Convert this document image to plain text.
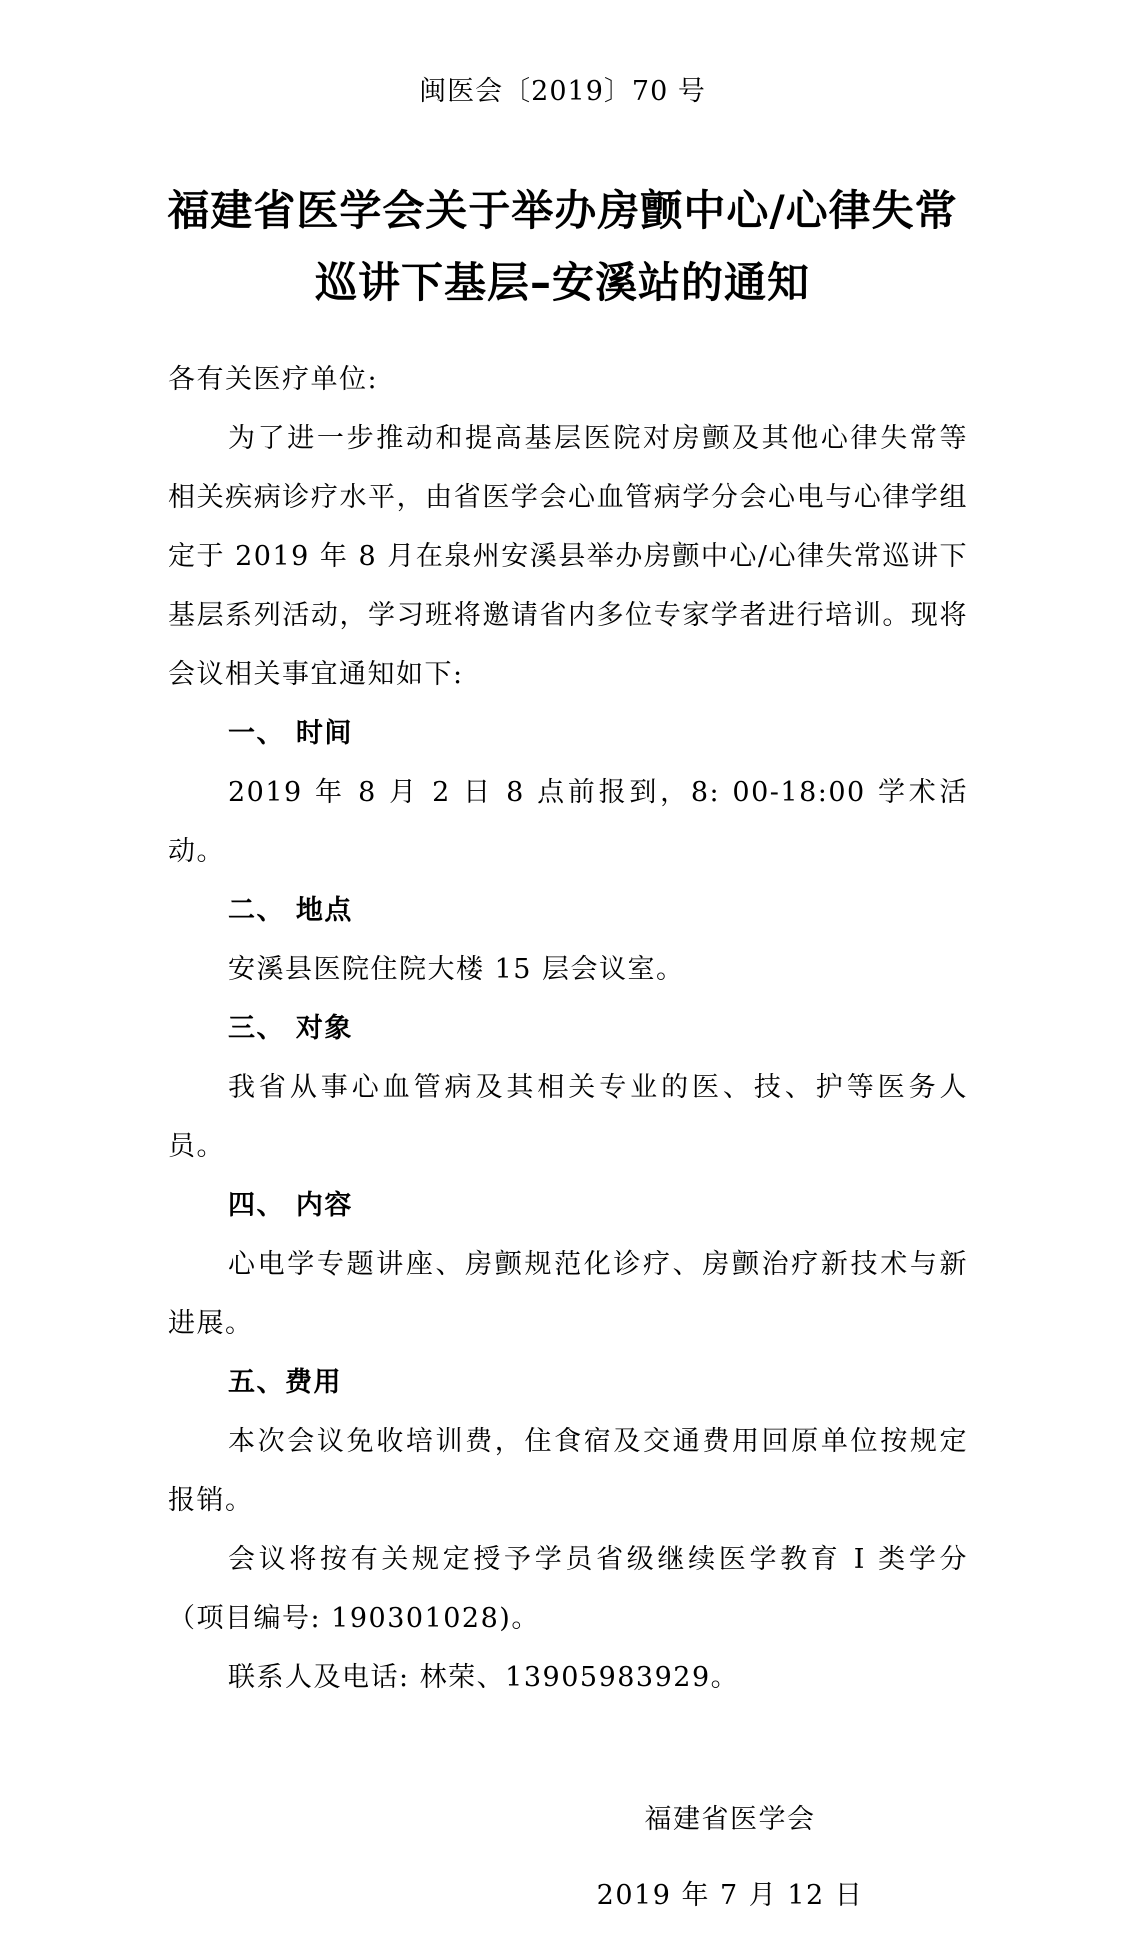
闽医会〔2019〕70 号
福建省医学会关于举办房颤中心/心律失常
巡讲下基层–安溪站的通知

各有关医疗单位:

为了进一步推动和提高基层医院对房颤及其他心律失常等相关疾病诊疗水平，由省医学会心血管病学分会心电与心律学组定于 2019 年 8 月在泉州安溪县举办房颤中心/心律失常巡讲下基层系列活动，学习班将邀请省内多位专家学者进行培训。现将会议相关事宜通知如下:

一、 时间

2019 年 8 月 2 日 8 点前报到，8: 00-18:00 学术活动。

二、 地点

安溪县医院住院大楼 15 层会议室。

三、 对象

我省从事心血管病及其相关专业的医、技、护等医务人员。

四、 内容

心电学专题讲座、房颤规范化诊疗、房颤治疗新技术与新进展。

五、费用

本次会议免收培训费，住食宿及交通费用回原单位按规定报销。

会议将按有关规定授予学员省级继续医学教育 I 类学分（项目编号: 190301028)。

联系人及电话: 林荣、13905983929。

福建省医学会
2019 年 7 月 12 日
